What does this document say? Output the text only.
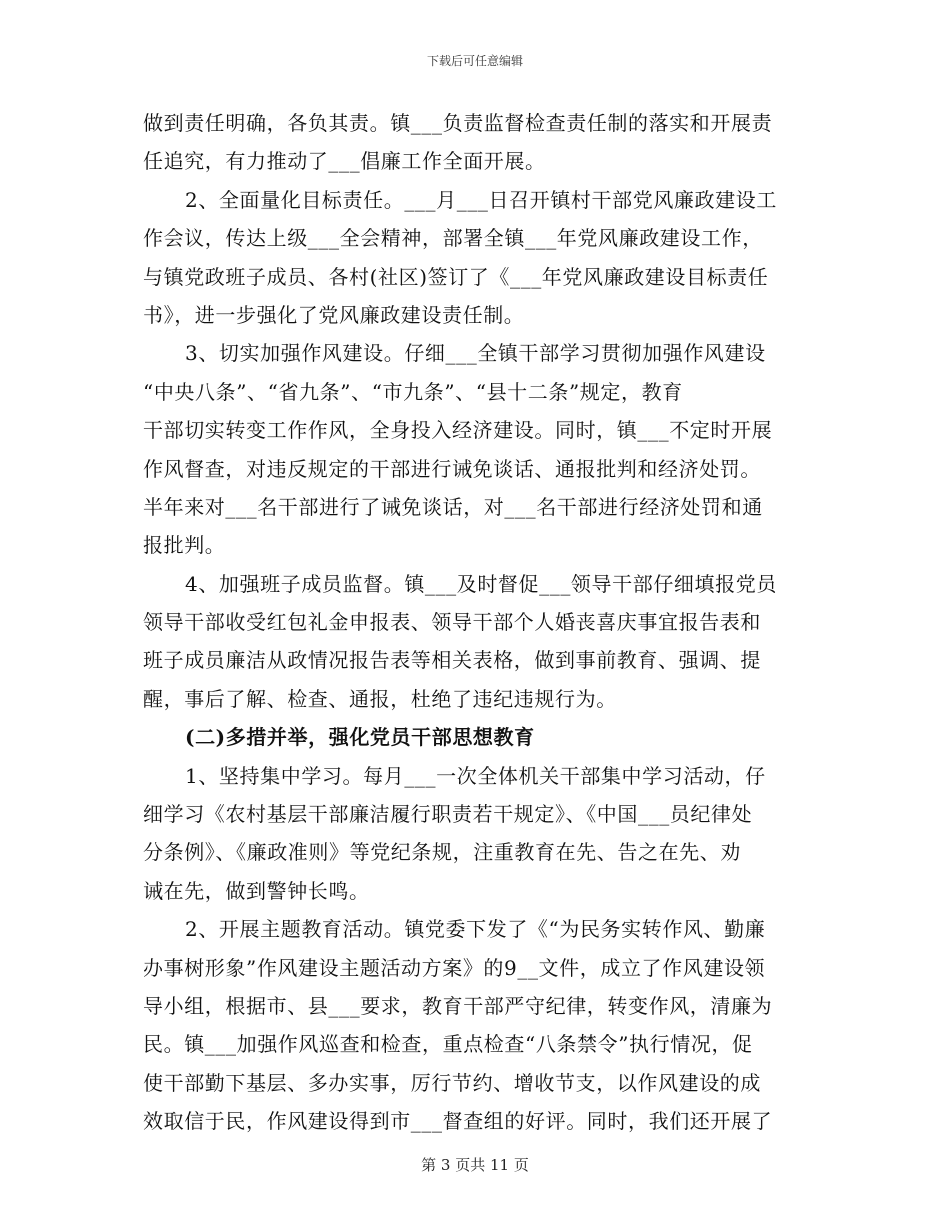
下载后可任意编辑
做到责任明确，各负其责。镇___负责监督检查责任制的落实和开展责
任追究，有力推动了___倡廉工作全面开展。
2、全面量化目标责任。___月___日召开镇村干部党风廉政建设工
作会议，传达上级___全会精神，部署全镇___年党风廉政建设工作，
与镇党政班子成员、各村(社区)签订了《___年党风廉政建设目标责任
书》，进一步强化了党风廉政建设责任制。
3、切实加强作风建设。仔细___全镇干部学习贯彻加强作风建设
“中央八条”、“省九条”、“市九条”、“县十二条”规定，教育
干部切实转变工作作风，全身投入经济建设。同时，镇___不定时开展
作风督查，对违反规定的干部进行诫免谈话、通报批判和经济处罚。
半年来对___名干部进行了诫免谈话，对___名干部进行经济处罚和通
报批判。
4、加强班子成员监督。镇___及时督促___领导干部仔细填报党员
领导干部收受红包礼金申报表、领导干部个人婚丧喜庆事宜报告表和
班子成员廉洁从政情况报告表等相关表格，做到事前教育、强调、提
醒，事后了解、检查、通报，杜绝了违纪违规行为。
(二)多措并举，强化党员干部思想教育
1、坚持集中学习。每月___一次全体机关干部集中学习活动，仔
细学习《农村基层干部廉洁履行职责若干规定》、《中国___员纪律处
分条例》、《廉政准则》等党纪条规，注重教育在先、告之在先、劝
诫在先，做到警钟长鸣。
2、开展主题教育活动。镇党委下发了《“为民务实转作风、勤廉
办事树形象”作风建设主题活动方案》的9__文件，成立了作风建设领
导小组，根据市、县___要求，教育干部严守纪律，转变作风，清廉为
民。镇___加强作风巡查和检查，重点检查“八条禁令”执行情况，促
使干部勤下基层、多办实事，厉行节约、增收节支，以作风建设的成
效取信于民，作风建设得到市___督查组的好评。同时，我们还开展了
第 3 页共 11 页
